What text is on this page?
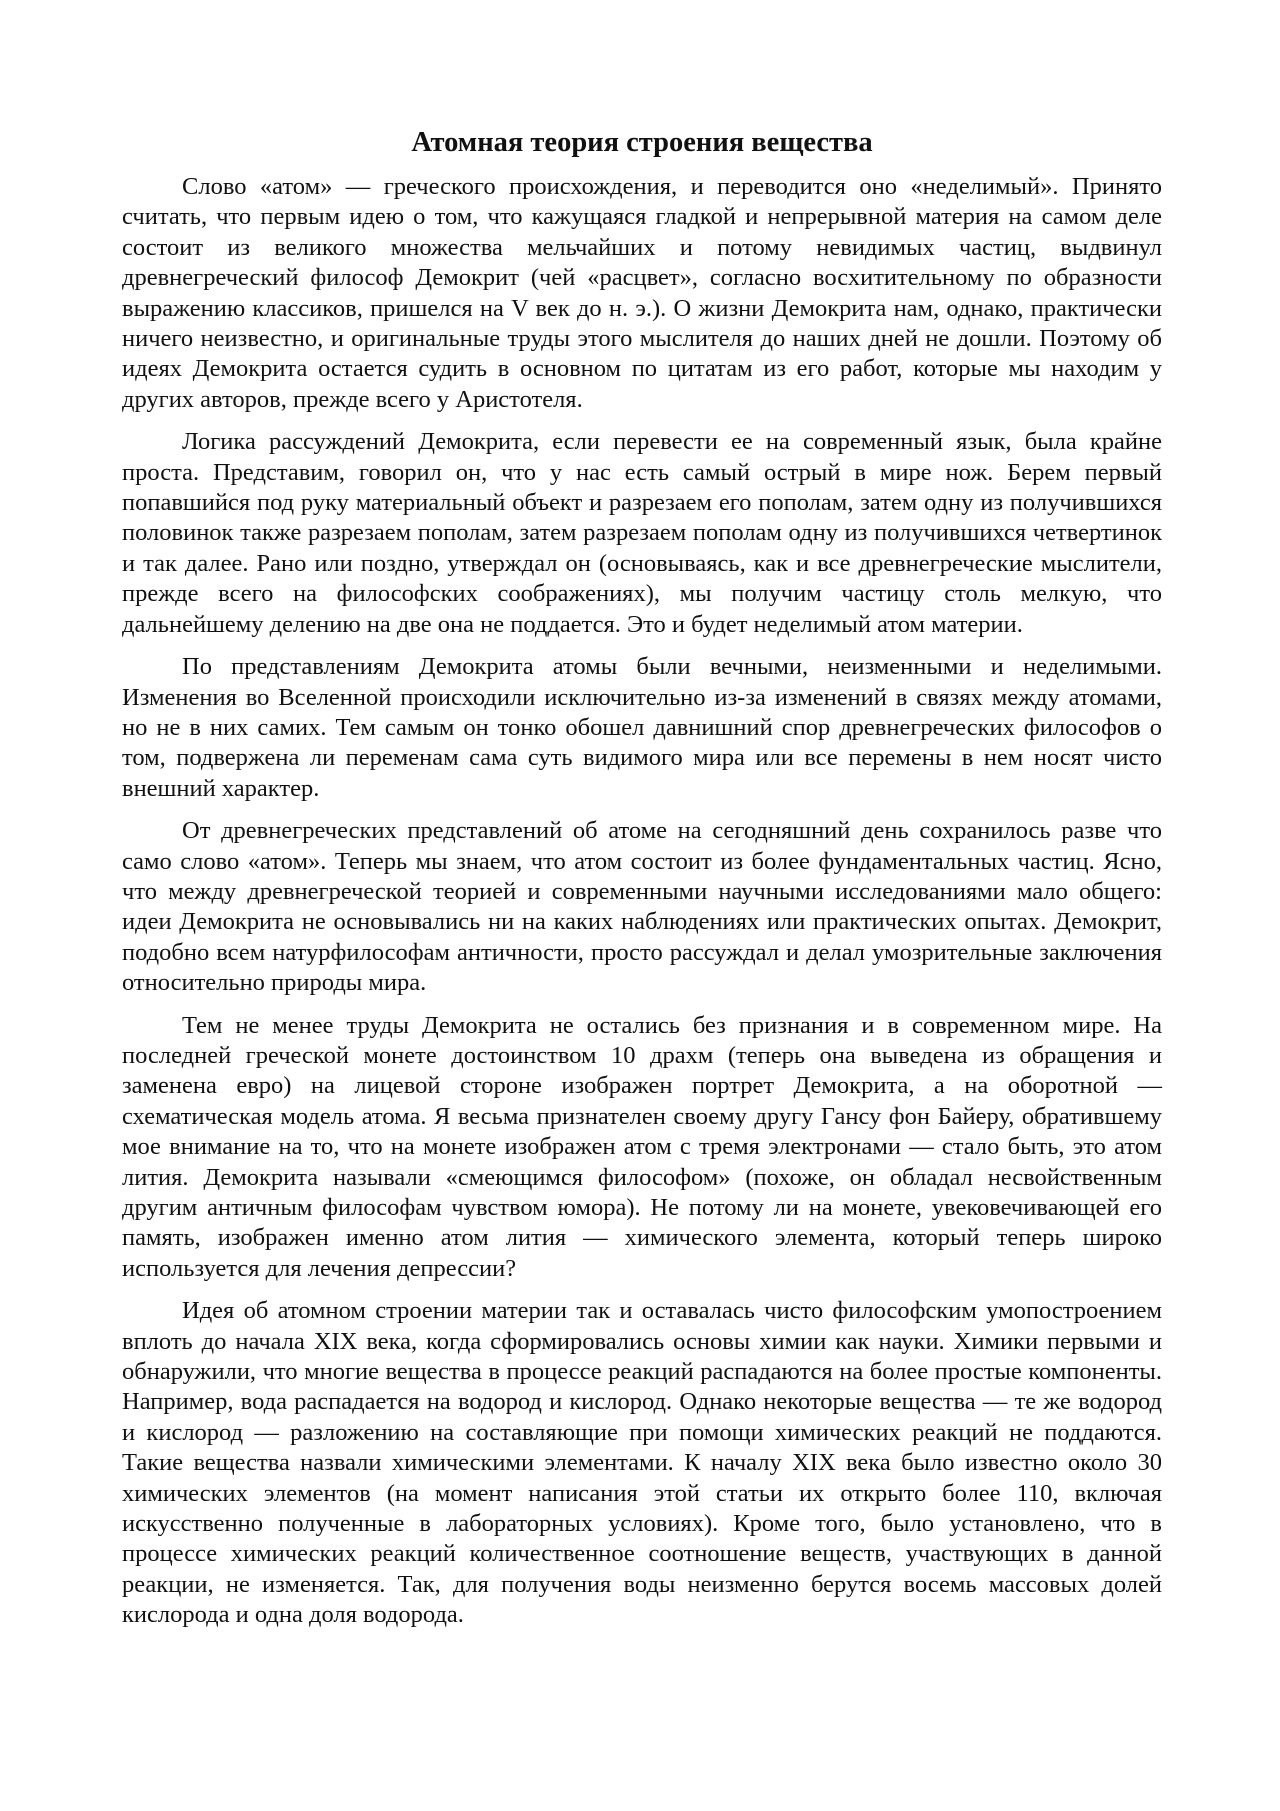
Атомная теория строения вещества

Слово «атом» — греческого происхождения, и переводится оно «неделимый». Принято считать, что первым идею о том, что кажущаяся гладкой и непрерывной материя на самом деле состоит из великого множества мельчайших и потому невидимых частиц, выдвинул древнегреческий философ Демокрит (чей «расцвет», согласно восхитительному по образности выражению классиков, пришелся на V век до н. э.). О жизни Демокрита нам, однако, практически ничего неизвестно, и оригинальные труды этого мыслителя до наших дней не дошли. Поэтому об идеях Демокрита остается судить в основном по цитатам из его работ, которые мы находим у других авторов, прежде всего у Аристотеля.

Логика рассуждений Демокрита, если перевести ее на современный язык, была крайне проста. Представим, говорил он, что у нас есть самый острый в мире нож. Берем первый попавшийся под руку материальный объект и разрезаем его пополам, затем одну из получившихся половинок также разрезаем пополам, затем разрезаем пополам одну из получившихся четвертинок и так далее. Рано или поздно, утверждал он (основываясь, как и все древнегреческие мыслители, прежде всего на философских соображениях), мы получим частицу столь мелкую, что дальнейшему делению на две она не поддается. Это и будет неделимый атом материи.

По представлениям Демокрита атомы были вечными, неизменными и неделимыми. Изменения во Вселенной происходили исключительно из-за изменений в связях между атомами, но не в них самих. Тем самым он тонко обошел давнишний спор древнегреческих философов о том, подвержена ли переменам сама суть видимого мира или все перемены в нем носят чисто внешний характер.

От древнегреческих представлений об атоме на сегодняшний день сохранилось разве что само слово «атом». Теперь мы знаем, что атом состоит из более фундаментальных частиц. Ясно, что между древнегреческой теорией и современными научными исследованиями мало общего: идеи Демокрита не основывались ни на каких наблюдениях или практических опытах. Демокрит, подобно всем натурфилософам античности, просто рассуждал и делал умозрительные заключения относительно природы мира.

Тем не менее труды Демокрита не остались без признания и в современном мире. На последней греческой монете достоинством 10 драхм (теперь она выведена из обращения и заменена евро) на лицевой стороне изображен портрет Демокрита, а на оборотной — схематическая модель атома. Я весьма признателен своему другу Гансу фон Байеру, обратившему мое внимание на то, что на монете изображен атом с тремя электронами — стало быть, это атом лития. Демокрита называли «смеющимся философом» (похоже, он обладал несвойственным другим античным философам чувством юмора). Не потому ли на монете, увековечивающей его память, изображен именно атом лития — химического элемента, который теперь широко используется для лечения депрессии?

Идея об атомном строении материи так и оставалась чисто философским умопостроением вплоть до начала XIX века, когда сформировались основы химии как науки. Химики первыми и обнаружили, что многие вещества в процессе реакций распадаются на более простые компоненты. Например, вода распадается на водород и кислород. Однако некоторые вещества — те же водород и кислород — разложению на составляющие при помощи химических реакций не поддаются. Такие вещества назвали химическими элементами. К началу XIX века было известно около 30 химических элементов (на момент написания этой статьи их открыто более 110, включая искусственно полученные в лабораторных условиях). Кроме того, было установлено, что в процессе химических реакций количественное соотношение веществ, участвующих в данной реакции, не изменяется. Так, для получения воды неизменно берутся восемь массовых долей кислорода и одна доля водорода.
